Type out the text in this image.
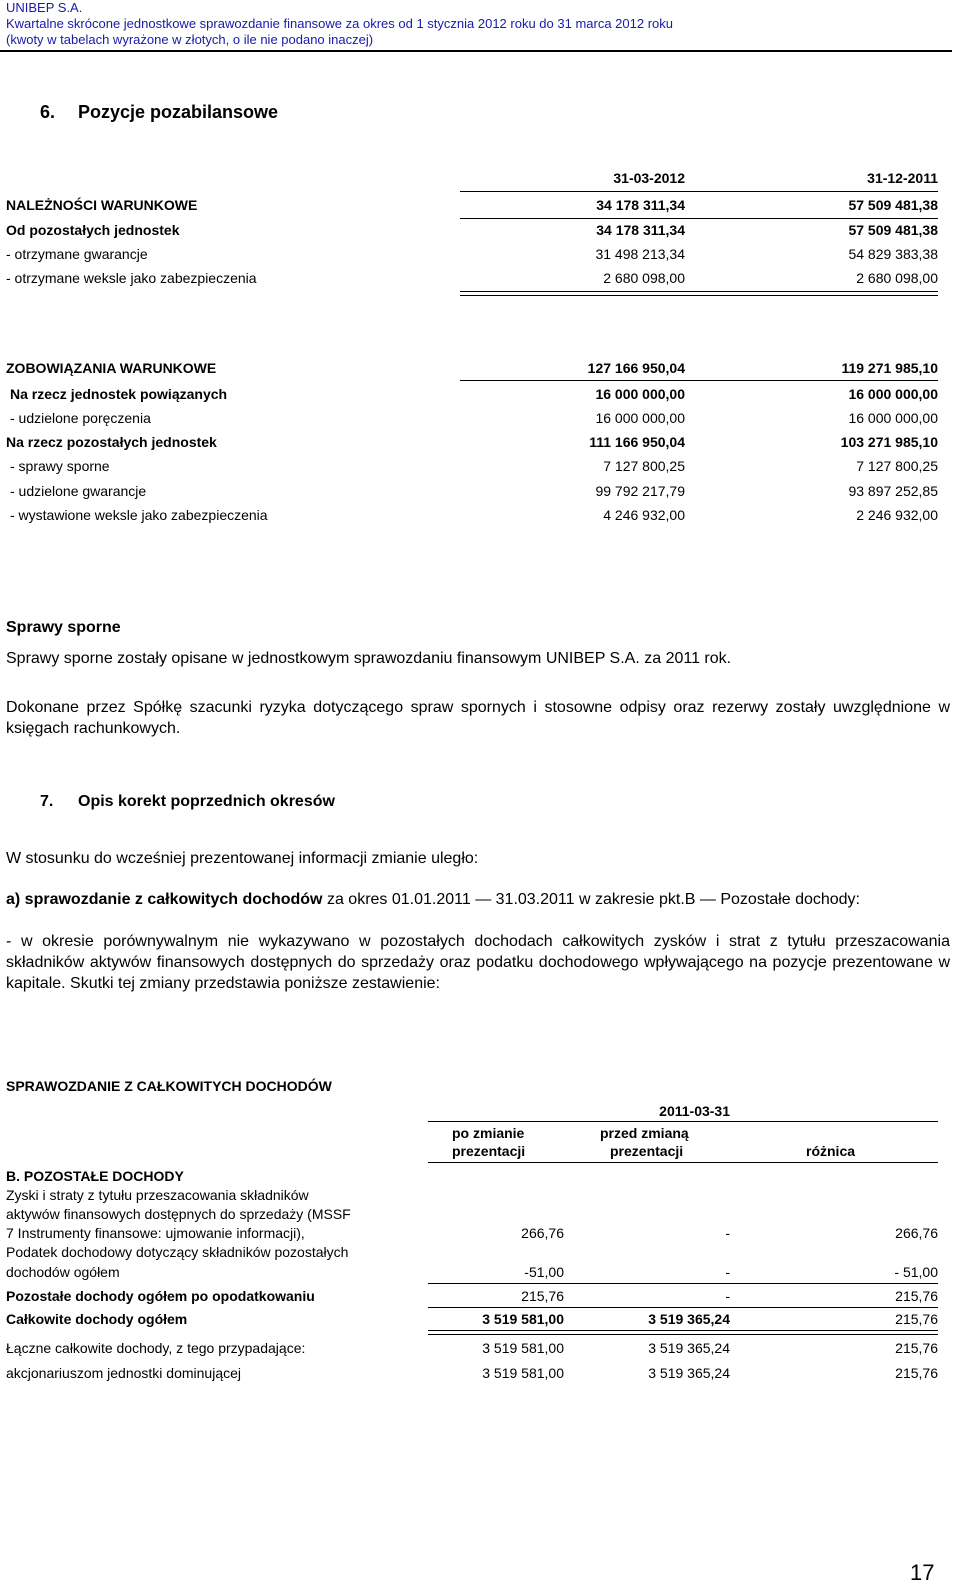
UNIBEP S.A.
Kwartalne skrócone jednostkowe sprawozdanie finansowe za okres od 1 stycznia 2012 roku do 31 marca 2012 roku
(kwoty w tabelach wyrażone w złotych, o ile nie podano inaczej)
6. Pozycje pozabilansowe
31-03-2012	31-12-2011
NALEŻNOŚCI WARUNKOWE	34 178 311,34	57 509 481,38
Od pozostałych jednostek	34 178 311,34	57 509 481,38
- otrzymane gwarancje	31 498 213,34	54 829 383,38
- otrzymane weksle jako zabezpieczenia	2 680 098,00	2 680 098,00
ZOBOWIĄZANIA WARUNKOWE	127 166 950,04	119 271 985,10
Na rzecz jednostek powiązanych	16 000 000,00	16 000 000,00
- udzielone poręczenia	16 000 000,00	16 000 000,00
Na rzecz pozostałych jednostek	111 166 950,04	103 271 985,10
- sprawy sporne	7 127 800,25	7 127 800,25
- udzielone gwarancje	99 792 217,79	93 897 252,85
- wystawione weksle jako zabezpieczenia	4 246 932,00	2 246 932,00
Sprawy sporne
Sprawy sporne zostały opisane w jednostkowym sprawozdaniu finansowym UNIBEP S.A. za 2011 rok.
Dokonane przez Spółkę szacunki ryzyka dotyczącego spraw spornych i stosowne odpisy oraz rezerwy zostały uwzględnione w księgach rachunkowych.
7. Opis korekt poprzednich okresów
W stosunku do wcześniej prezentowanej informacji zmianie uległo:
a) sprawozdanie z całkowitych dochodów za okres 01.01.2011 — 31.03.2011 w zakresie pkt.B — Pozostałe dochody:
- w okresie porównywalnym nie wykazywano w pozostałych dochodach całkowitych zysków i strat z tytułu przeszacowania składników aktywów finansowych dostępnych do sprzedaży oraz podatku dochodowego wpływającego na pozycje prezentowane w kapitale. Skutki tej zmiany przedstawia poniższe zestawienie:
SPRAWOZDANIE Z CAŁKOWITYCH DOCHODÓW
2011-03-31
po zmianie
prezentacji
przed zmianą
prezentacji	różnica
B. POZOSTAŁE DOCHODY
Zyski i straty z tytułu przeszacowania składników
aktywów finansowych dostępnych do sprzedaży (MSSF
7 Instrumenty finansowe: ujmowanie informacji),	266,76	-	266,76
Podatek dochodowy dotyczący składników pozostałych
dochodów ogółem	-51,00	-	- 51,00
Pozostałe dochody ogółem po opodatkowaniu	215,76	-	215,76
Całkowite dochody ogółem	3 519 581,00	3 519 365,24	215,76
Łączne całkowite dochody, z tego przypadające:	3 519 581,00	3 519 365,24	215,76
akcjonariuszom jednostki dominującej	3 519 581,00	3 519 365,24	215,76
17
